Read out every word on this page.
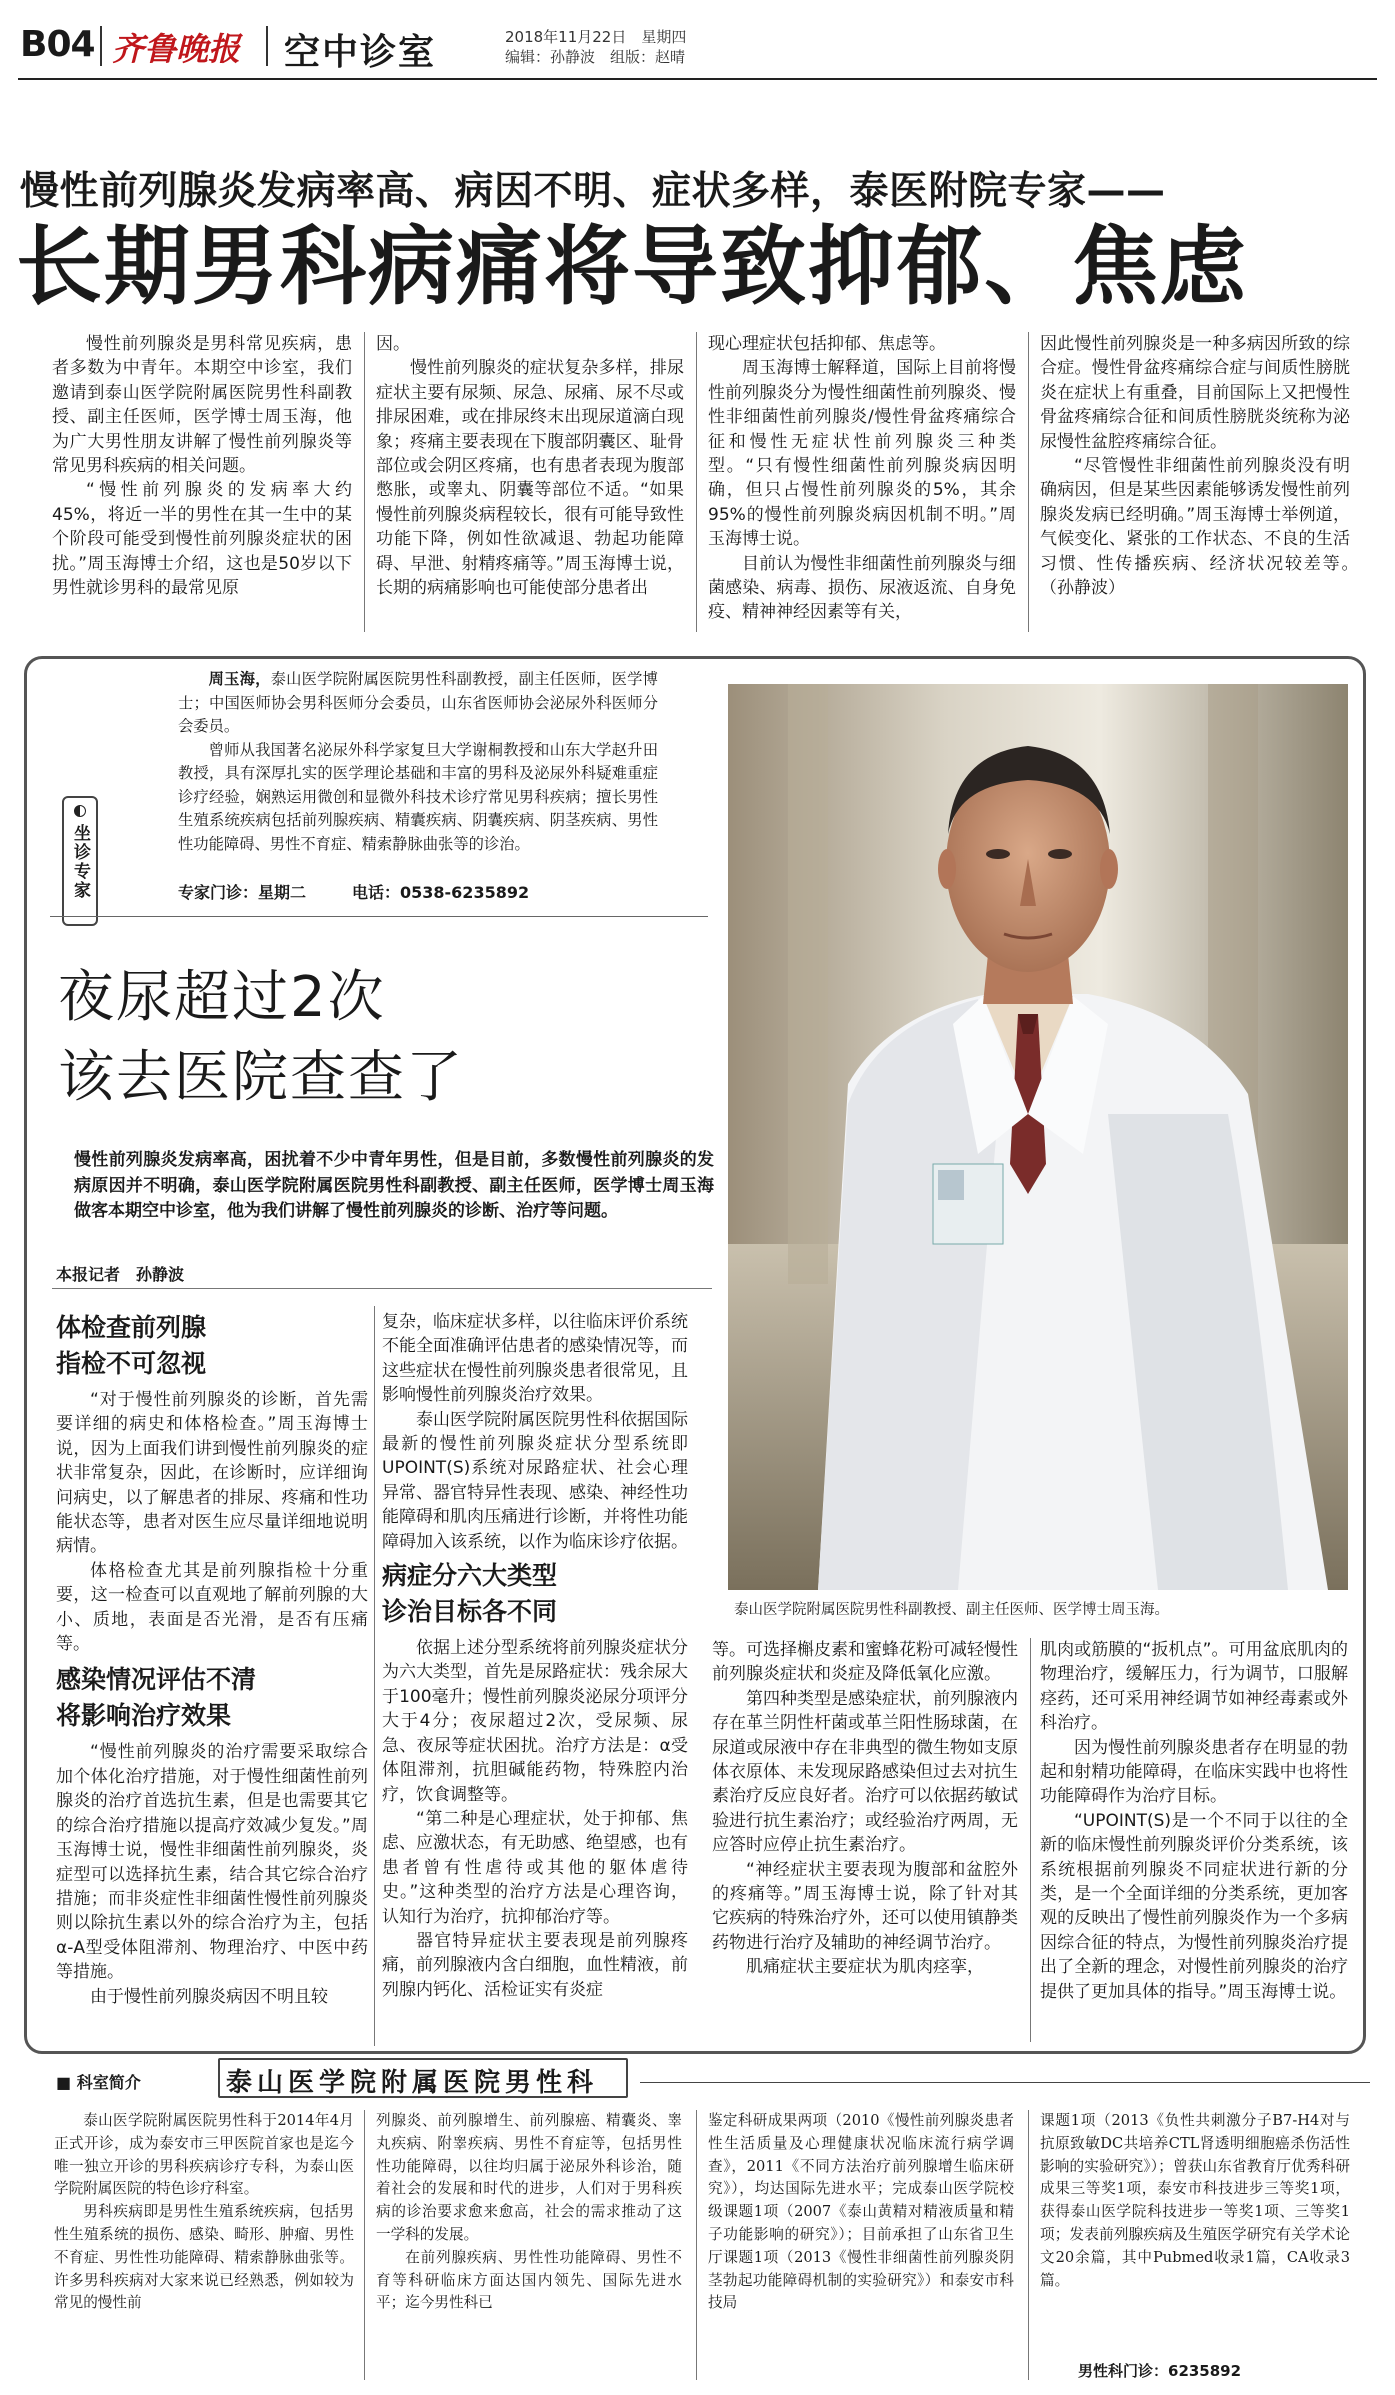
B04 齐鲁晚报 空中诊室	2018年11月22日　星期四
编辑：孙静波　组版：赵晴
慢性前列腺炎发病率高、病因不明、症状多样，泰医附院专家——
长期男科病痛将导致抑郁、焦虑

慢性前列腺炎是男科常见疾病，患者多数为中青年。本期空中诊室，我们邀请到泰山医学院附属医院男性科副教授、副主任医师，医学博士周玉海，他为广大男性朋友讲解了慢性前列腺炎等常见男科疾病的相关问题。

“慢性前列腺炎的发病率大约45%，将近一半的男性在其一生中的某个阶段可能受到慢性前列腺炎症状的困扰。”周玉海博士介绍，这也是50岁以下男性就诊男科的最常见原

因。

慢性前列腺炎的症状复杂多样，排尿症状主要有尿频、尿急、尿痛、尿不尽或排尿困难，或在排尿终末出现尿道滴白现象；疼痛主要表现在下腹部阴囊区、耻骨部位或会阴区疼痛，也有患者表现为腹部憋胀，或睾丸、阴囊等部位不适。“如果慢性前列腺炎病程较长，很有可能导致性功能下降，例如性欲减退、勃起功能障碍、早泄、射精疼痛等。”周玉海博士说，长期的病痛影响也可能使部分患者出

现心理症状包括抑郁、焦虑等。

周玉海博士解释道，国际上目前将慢性前列腺炎分为慢性细菌性前列腺炎、慢性非细菌性前列腺炎/慢性骨盆疼痛综合征和慢性无症状性前列腺炎三种类型。“只有慢性细菌性前列腺炎病因明确，但只占慢性前列腺炎的5%，其余95%的慢性前列腺炎病因机制不明。”周玉海博士说。

目前认为慢性非细菌性前列腺炎与细菌感染、病毒、损伤、尿液返流、自身免疫、精神神经因素等有关，

因此慢性前列腺炎是一种多病因所致的综合症。慢性骨盆疼痛综合症与间质性膀胱炎在症状上有重叠，目前国际上又把慢性骨盆疼痛综合征和间质性膀胱炎统称为泌尿慢性盆腔疼痛综合征。

“尽管慢性非细菌性前列腺炎没有明确病因，但是某些因素能够诱发慢性前列腺炎发病已经明确。”周玉海博士举例道，气候变化、紧张的工作状态、不良的生活习惯、性传播疾病、经济状况较差等。　　（孙静波）

坐诊专家

周玉海，泰山医学院附属医院男性科副教授，副主任医师，医学博士；中国医师协会男科医师分会委员，山东省医师协会泌尿外科医师分会委员。

曾师从我国著名泌尿外科学家复旦大学谢桐教授和山东大学赵升田教授，具有深厚扎实的医学理论基础和丰富的男科及泌尿外科疑难重症诊疗经验，娴熟运用微创和显微外科技术诊疗常见男科疾病；擅长男性生殖系统疾病包括前列腺疾病、精囊疾病、阴囊疾病、阴茎疾病、男性性功能障碍、男性不育症、精索静脉曲张等的诊治。

专家门诊：星期二	电话：0538-6235892
夜尿超过2次
该去医院查查了
慢性前列腺炎发病率高，困扰着不少中青年男性，但是目前，多数慢性前列腺炎的发病原因并不明确，泰山医学院附属医院男性科副教授、副主任医师，医学博士周玉海做客本期空中诊室，他为我们讲解了慢性前列腺炎的诊断、治疗等问题。
本报记者　孙静波
体检查前列腺
指检不可忽视

“对于慢性前列腺炎的诊断，首先需要详细的病史和体格检查。”周玉海博士说，因为上面我们讲到慢性前列腺炎的症状非常复杂，因此，在诊断时，应详细询问病史，以了解患者的排尿、疼痛和性功能状态等，患者对医生应尽量详细地说明病情。

体格检查尤其是前列腺指检十分重要，这一检查可以直观地了解前列腺的大小、质地，表面是否光滑，是否有压痛等。

感染情况评估不清
将影响治疗效果

“慢性前列腺炎的治疗需要采取综合加个体化治疗措施，对于慢性细菌性前列腺炎的治疗首选抗生素，但是也需要其它的综合治疗措施以提高疗效减少复发。”周玉海博士说，慢性非细菌性前列腺炎，炎症型可以选择抗生素，结合其它综合治疗措施；而非炎症性非细菌性慢性前列腺炎则以除抗生素以外的综合治疗为主，包括α-A型受体阻滞剂、物理治疗、中医中药等措施。

由于慢性前列腺炎病因不明且较

复杂，临床症状多样，以往临床评价系统不能全面准确评估患者的感染情况等，而这些症状在慢性前列腺炎患者很常见，且影响慢性前列腺炎治疗效果。

泰山医学院附属医院男性科依据国际最新的慢性前列腺炎症状分型系统即UPOINT(S)系统对尿路症状、社会心理异常、器官特异性表现、感染、神经性功能障碍和肌肉压痛进行诊断，并将性功能障碍加入该系统，以作为临床诊疗依据。

病症分六大类型
诊治目标各不同

依据上述分型系统将前列腺炎症状分为六大类型，首先是尿路症状：残余尿大于100毫升；慢性前列腺炎泌尿分项评分大于4分；夜尿超过2次，受尿频、尿急、夜尿等症状困扰。治疗方法是：α受体阻滞剂，抗胆碱能药物，特殊腔内治疗，饮食调整等。

“第二种是心理症状，处于抑郁、焦虑、应激状态，有无助感、绝望感，也有患者曾有性虐待或其他的躯体虐待史。”这种类型的治疗方法是心理咨询，认知行为治疗，抗抑郁治疗等。

器官特异症状主要表现是前列腺疼痛，前列腺液内含白细胞，血性精液，前列腺内钙化、活检证实有炎症

泰山医学院附属医院男性科副教授、副主任医师、医学博士周玉海。

等。可选择槲皮素和蜜蜂花粉可减轻慢性前列腺炎症状和炎症及降低氧化应激。

第四种类型是感染症状，前列腺液内存在革兰阴性杆菌或革兰阳性肠球菌，在尿道或尿液中存在非典型的微生物如支原体衣原体、未发现尿路感染但过去对抗生素治疗反应良好者。治疗可以依据药敏试验进行抗生素治疗；或经验治疗两周，无应答时应停止抗生素治疗。

“神经症状主要表现为腹部和盆腔外的疼痛等。”周玉海博士说，除了针对其它疾病的特殊治疗外，还可以使用镇静类药物进行治疗及辅助的神经调节治疗。

肌痛症状主要症状为肌肉痉挛，

肌肉或筋膜的“扳机点”。可用盆底肌肉的物理治疗，缓解压力，行为调节，口服解痉药，还可采用神经调节如神经毒素或外科治疗。

因为慢性前列腺炎患者存在明显的勃起和射精功能障碍，在临床实践中也将性功能障碍作为治疗目标。

“UPOINT(S)是一个不同于以往的全新的临床慢性前列腺炎评价分类系统，该系统根据前列腺炎不同症状进行新的分类，是一个全面详细的分类系统，更加客观的反映出了慢性前列腺炎作为一个多病因综合征的特点，为慢性前列腺炎治疗提出了全新的理念，对慢性前列腺炎的治疗提供了更加具体的指导。”周玉海博士说。

■ 科室简介	泰山医学院附属医院男性科

泰山医学院附属医院男性科于2014年4月正式开诊，成为泰安市三甲医院首家也是迄今唯一独立开诊的男科疾病诊疗专科，为泰山医学院附属医院的特色诊疗科室。

男科疾病即是男性生殖系统疾病，包括男性生殖系统的损伤、感染、畸形、肿瘤、男性不育症、男性性功能障碍、精索静脉曲张等。许多男科疾病对大家来说已经熟悉，例如较为常见的慢性前

列腺炎、前列腺增生、前列腺癌、精囊炎、睾丸疾病、附睾疾病、男性不育症等，包括男性性功能障碍，以往均归属于泌尿外科诊治，随着社会的发展和时代的进步，人们对于男科疾病的诊治要求愈来愈高，社会的需求推动了这一学科的发展。

在前列腺疾病、男性性功能障碍、男性不育等科研临床方面达国内领先、国际先进水平；迄今男性科已

鉴定科研成果两项（2010《慢性前列腺炎患者性生活质量及心理健康状况临床流行病学调查》，2011《不同方法治疗前列腺增生临床研究》），均达国际先进水平；完成泰山医学院校级课题1项（2007《泰山黄精对精液质量和精子功能影响的研究》）；目前承担了山东省卫生厅课题1项（2013《慢性非细菌性前列腺炎阴茎勃起功能障碍机制的实验研究》）和泰安市科技局

课题1项（2013《负性共刺激分子B7-H4对与抗原致敏DC共培养CTL肾透明细胞癌杀伤活性影响的实验研究》）；曾获山东省教育厅优秀科研成果三等奖1项，泰安市科技进步三等奖1项，获得泰山医学院科技进步一等奖1项、三等奖1项；发表前列腺疾病及生殖医学研究有关学术论文20余篇，其中Pubmed收录1篇，CA收录3篇。

男性科门诊：6235892
